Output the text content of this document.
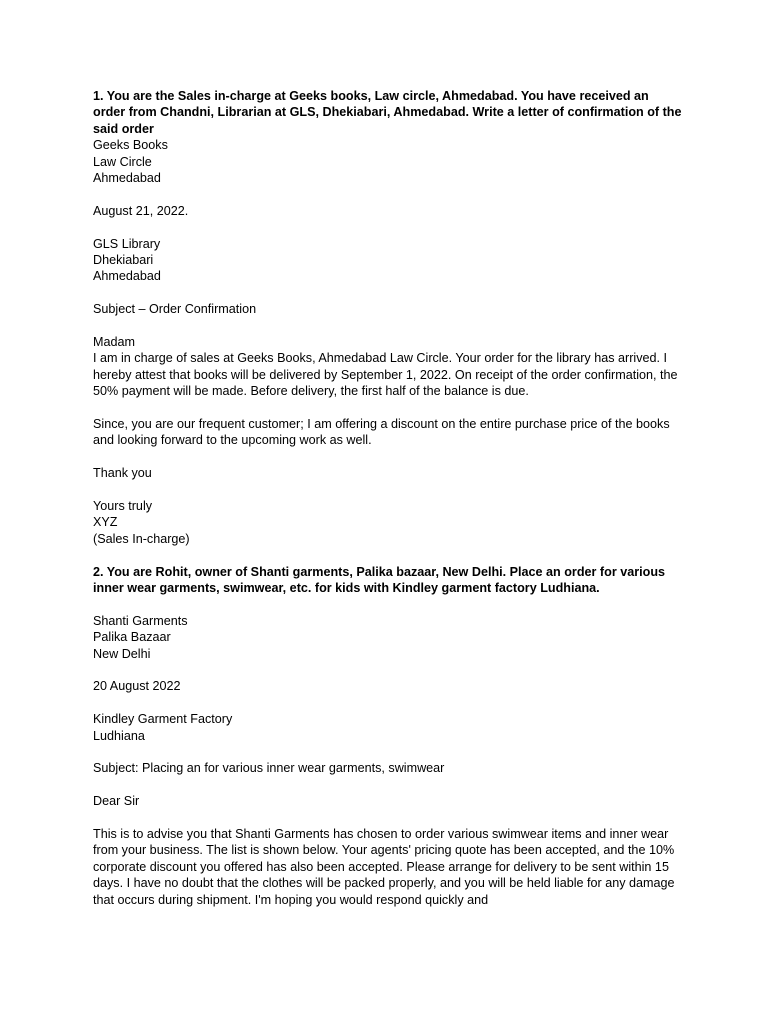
1. You are the Sales in-charge at Geeks books, Law circle, Ahmedabad. You have received an order from Chandni, Librarian at GLS, Dhekiabari, Ahmedabad. Write a letter of confirmation of the said order
Geeks Books
Law Circle
Ahmedabad
August 21, 2022.
GLS Library
Dhekiabari
Ahmedabad
Subject – Order Confirmation
Madam
I am in charge of sales at Geeks Books, Ahmedabad Law Circle. Your order for the library has arrived. I hereby attest that books will be delivered by September 1, 2022. On receipt of the order confirmation, the 50% payment will be made. Before delivery, the first half of the balance is due.
Since, you are our frequent customer; I am offering a discount on the entire purchase price of the books and looking forward to the upcoming work as well.
Thank you
Yours truly
XYZ
(Sales In-charge)
2. You are Rohit, owner of Shanti garments, Palika bazaar, New Delhi. Place an order for various inner wear garments, swimwear, etc. for kids with Kindley garment factory Ludhiana.
Shanti Garments
Palika Bazaar
New Delhi
20 August 2022
Kindley Garment Factory
Ludhiana
Subject: Placing an for various inner wear garments, swimwear
Dear Sir
This is to advise you that Shanti Garments has chosen to order various swimwear items and inner wear from your business. The list is shown below. Your agents' pricing quote has been accepted, and the 10% corporate discount you offered has also been accepted. Please arrange for delivery to be sent within 15 days. I have no doubt that the clothes will be packed properly, and you will be held liable for any damage that occurs during shipment. I'm hoping you would respond quickly and
